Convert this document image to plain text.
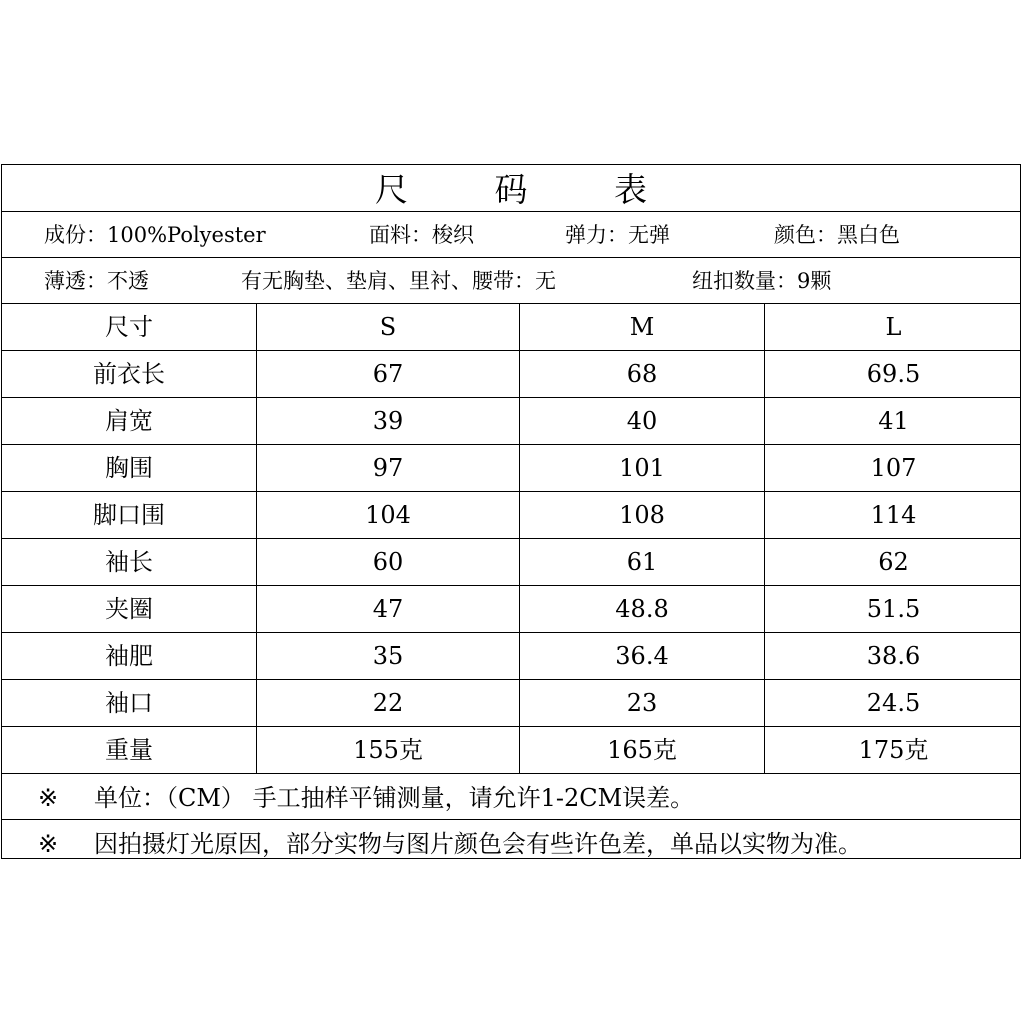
尺 码 表
成份：100%Polyester	面料：梭织	弹力：无弹	颜色：黑白色
薄透：不透	有无胸垫、垫肩、里衬、腰带：无	纽扣数量：9颗
尺寸	S	M	L
前衣长	67	68	69.5
肩宽	39	40	41
胸围	97	101	107
脚口围	104	108	114
袖长	60	61	62
夹圈	47	48.8	51.5
袖肥	35	36.4	38.6
袖口	22	23	24.5
重量	155克	165克	175克
※ 单位：（CM） 手工抽样平铺测量，请允许1-2CM误差。
※ 因拍摄灯光原因，部分实物与图片颜色会有些许色差，单品以实物为准。
